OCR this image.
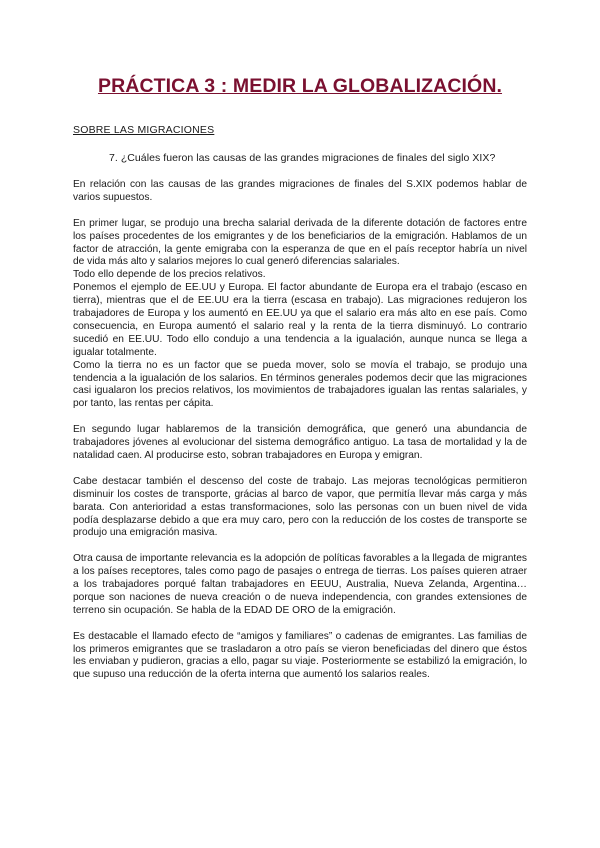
PRÁCTICA 3 : MEDIR LA GLOBALIZACIÓN.
SOBRE LAS MIGRACIONES
7. ¿Cuáles fueron las causas de las grandes migraciones de finales del siglo XIX?

En relación con las causas de las grandes migraciones de finales del S.XIX podemos hablar de varios supuestos.

En primer lugar, se produjo una brecha salarial derivada de la diferente dotación de factores entre los países procedentes de los emigrantes y de los beneficiarios de la emigración. Hablamos de un factor de atracción, la gente emigraba con la esperanza de que en el país receptor habría un nivel de vida más alto y salarios mejores lo cual generó diferencias salariales.

Todo ello depende de los precios relativos.

Ponemos el ejemplo de EE.UU y Europa. El factor abundante de Europa era el trabajo (escaso en tierra), mientras que el de EE.UU era la tierra (escasa en trabajo). Las migraciones redujeron los trabajadores de Europa y los aumentó en EE.UU ya que el salario era más alto en ese país. Como consecuencia, en Europa aumentó el salario real y la renta de la tierra disminuyó. Lo contrario sucedió en EE.UU. Todo ello condujo a una tendencia a la igualación, aunque nunca se llega a igualar totalmente.

Como la tierra no es un factor que se pueda mover, solo se movía el trabajo, se produjo una tendencia a la igualación de los salarios. En términos generales podemos decir que las migraciones casi igualaron los precios relativos, los movimientos de trabajadores igualan las rentas salariales, y por tanto, las rentas per cápita.

En segundo lugar hablaremos de la transición demográfica, que generó una abundancia de trabajadores jóvenes al evolucionar del sistema demográfico antiguo. La tasa de mortalidad y la de natalidad caen. Al producirse esto, sobran trabajadores en Europa y emigran.

Cabe destacar también el descenso del coste de trabajo. Las mejoras tecnológicas permitieron disminuir los costes de transporte, grácias al barco de vapor, que permitía llevar más carga y más barata. Con anterioridad a estas transformaciones, solo las personas con un buen nivel de vida podía desplazarse debido a que era muy caro, pero con la reducción de los costes de transporte se produjo una emigración masiva.

Otra causa de importante relevancia es la adopción de políticas favorables a la llegada de migrantes a los países receptores, tales como pago de pasajes o entrega de tierras. Los países quieren atraer a los trabajadores porqué faltan trabajadores en EEUU, Australia, Nueva Zelanda, Argentina… porque son naciones de nueva creación o de nueva independencia, con grandes extensiones de terreno sin ocupación. Se habla de la EDAD DE ORO de la emigración.

Es destacable el llamado efecto de “amigos y familiares” o cadenas de emigrantes. Las familias de los primeros emigrantes que se trasladaron a otro país se vieron beneficiadas del dinero que éstos les enviaban y pudieron, gracias a ello, pagar su viaje. Posteriormente se estabilizó la emigración, lo que supuso una reducción de la oferta interna que aumentó los salarios reales.
